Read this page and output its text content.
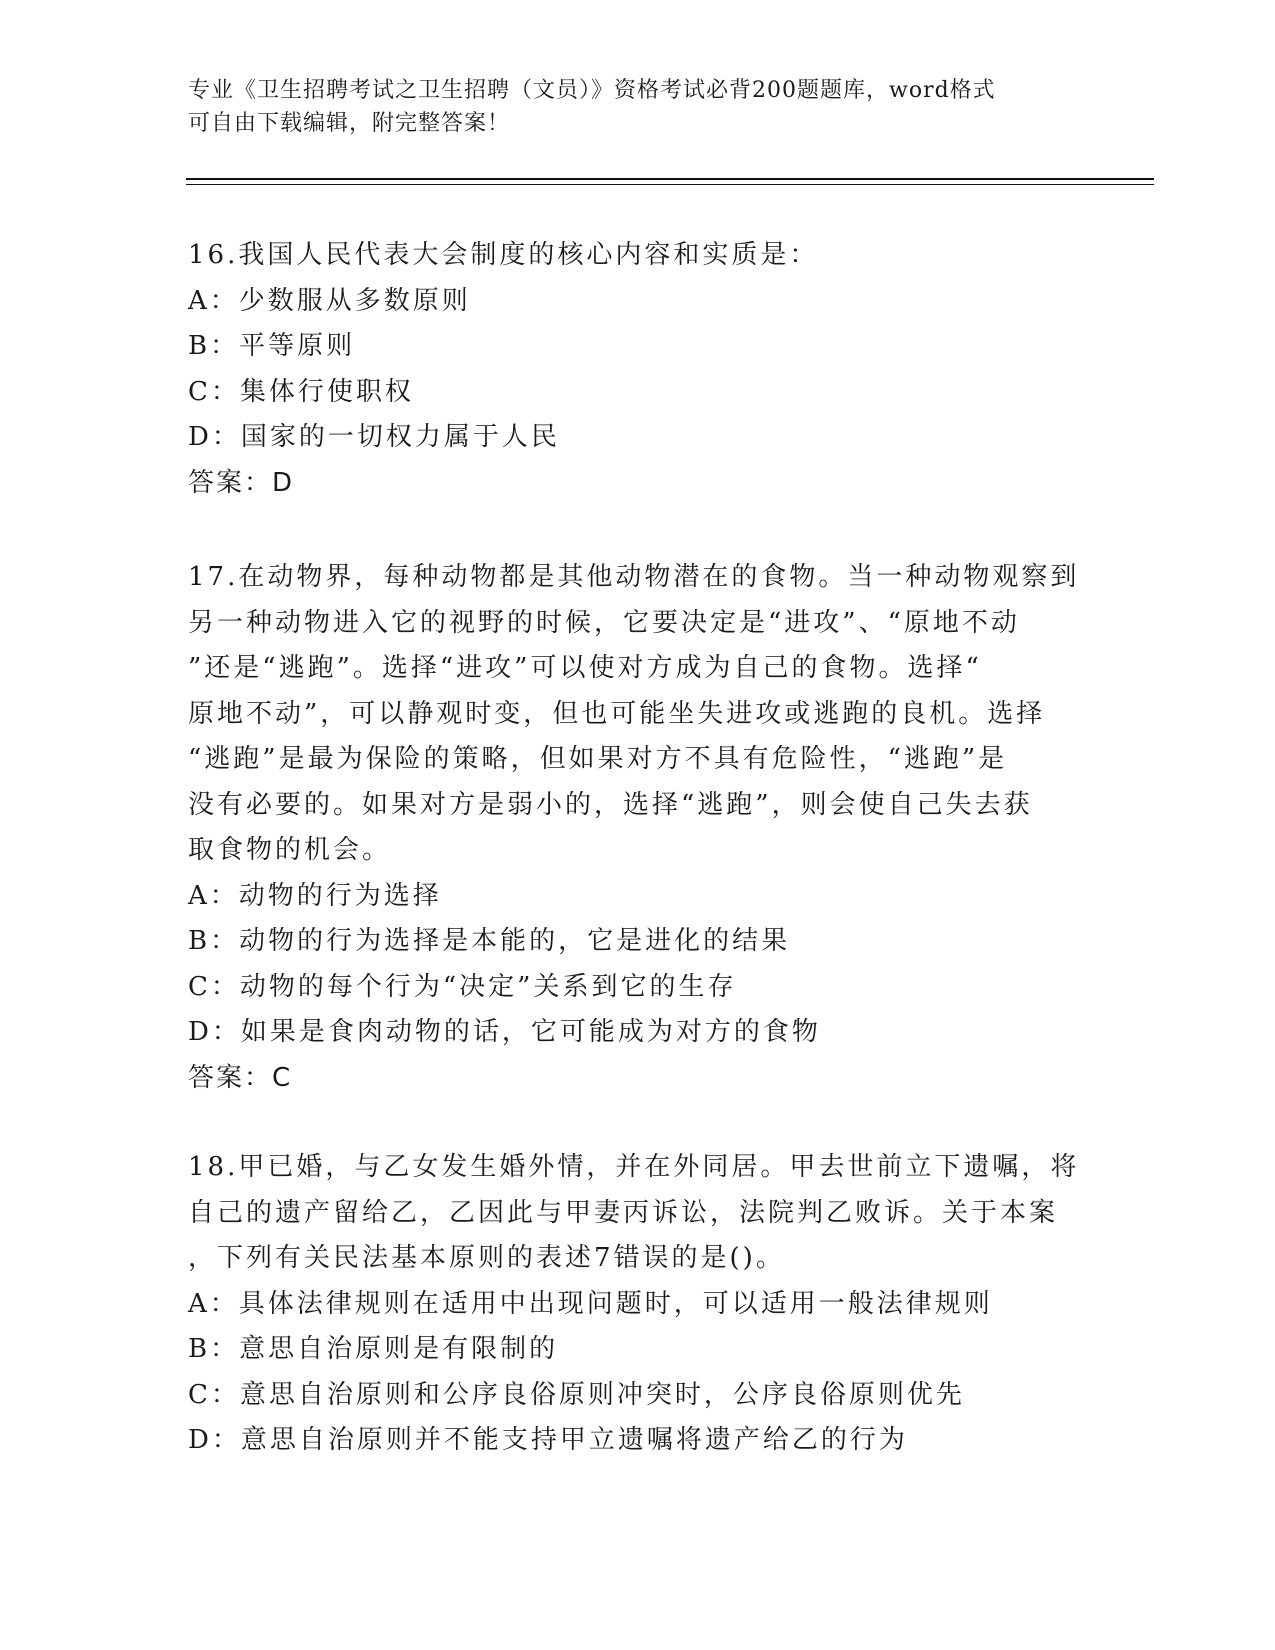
专业《卫生招聘考试之卫生招聘（文员）》资格考试必背200题题库，word格式
可自由下载编辑，附完整答案！

16.我国人民代表大会制度的核心内容和实质是：

A：少数服从多数原则

B：平等原则

C：集体行使职权

D：国家的一切权力属于人民

答案：D

17.在动物界，每种动物都是其他动物潜在的食物。当一种动物观察到

另一种动物进入它的视野的时候，它要决定是“进攻”、“原地不动

”还是“逃跑”。选择“进攻”可以使对方成为自己的食物。选择“

原地不动”，可以静观时变，但也可能坐失进攻或逃跑的良机。选择

“逃跑”是最为保险的策略，但如果对方不具有危险性，“逃跑”是

没有必要的。如果对方是弱小的，选择“逃跑”，则会使自己失去获

取食物的机会。

A：动物的行为选择

B：动物的行为选择是本能的，它是进化的结果

C：动物的每个行为“决定”关系到它的生存

D：如果是食肉动物的话，它可能成为对方的食物

答案：C

18.甲已婚，与乙女发生婚外情，并在外同居。甲去世前立下遗嘱，将

自己的遗产留给乙，乙因此与甲妻丙诉讼，法院判乙败诉。关于本案

，下列有关民法基本原则的表述7错误的是()。

A：具体法律规则在适用中出现问题时，可以适用一般法律规则

B：意思自治原则是有限制的

C：意思自治原则和公序良俗原则冲突时，公序良俗原则优先

D：意思自治原则并不能支持甲立遗嘱将遗产给乙的行为
